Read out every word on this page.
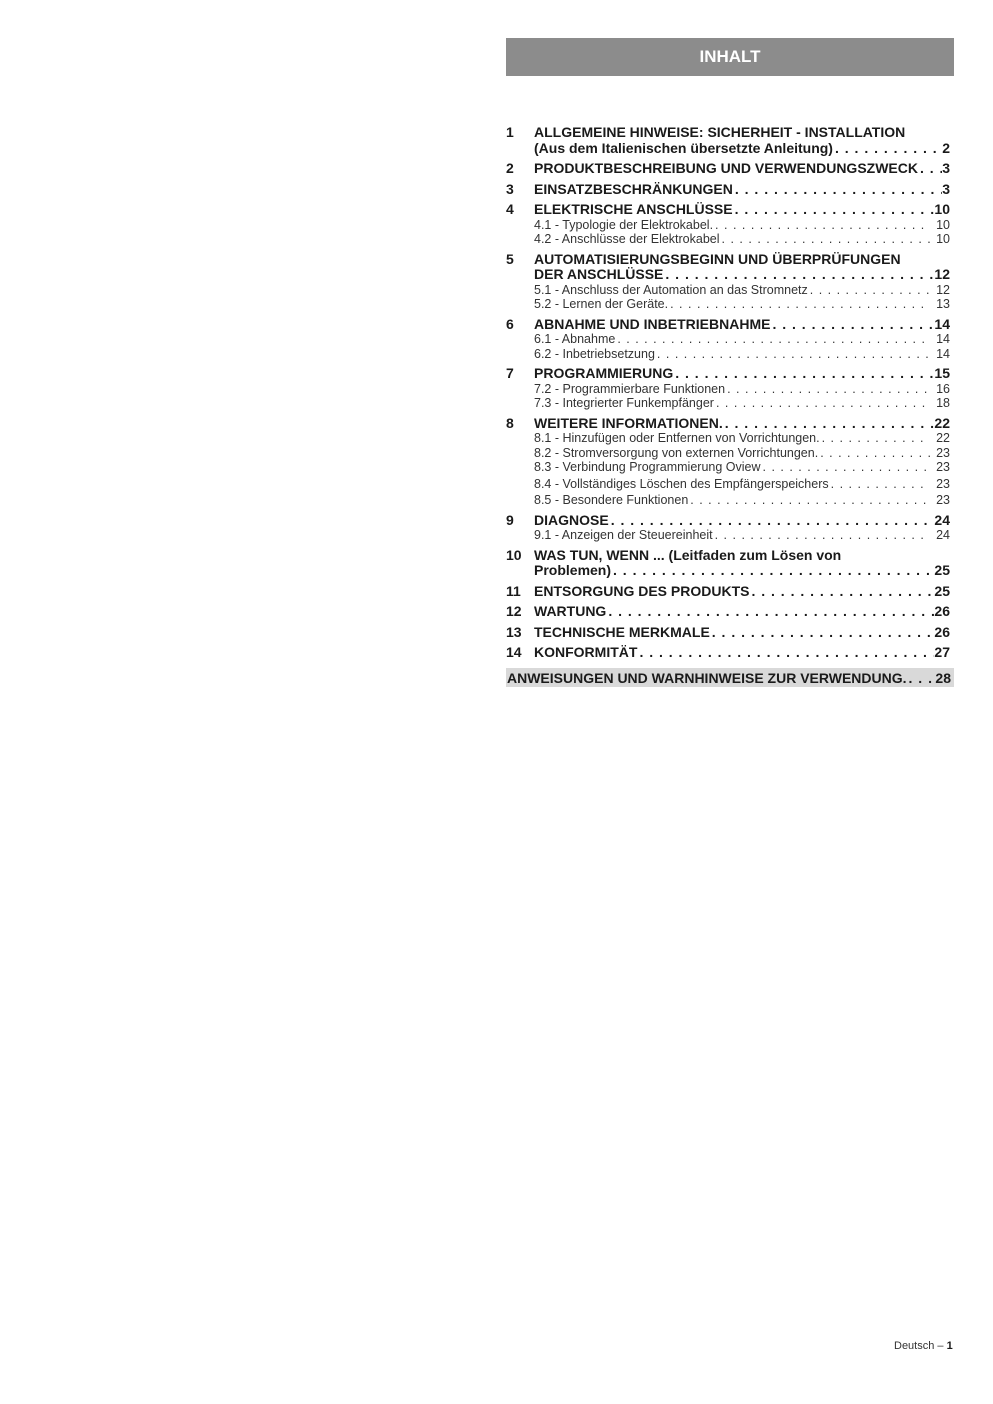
INHALT
1	ALLGEMEINE HINWEISE: SICHERHEIT - INSTALLATION
(Aus dem Italienischen übersetzte Anleitung) . . .	2
2	PRODUKTBESCHREIBUNG UND VERWENDUNGSZWECK . . . 3
3	EINSATZBESCHRÄNKUNGEN . . .	3
4	ELEKTRISCHE ANSCHLÜSSE . . .	10
4.1 - Typologie der Elektrokabel. . . .	10
4.2 - Anschlüsse der Elektrokabel . . .	10
5	AUTOMATISIERUNGSBEGINN UND ÜBERPRÜFUNGEN
DER ANSCHLÜSSE . . .	12
5.1 - Anschluss der Automation an das Stromnetz . . .	12
5.2 - Lernen der Geräte. . . .	13
6	ABNAHME UND INBETRIEBNAHME . . .	14
6.1 - Abnahme . . .	14
6.2 - Inbetriebsetzung . . .	14
7	PROGRAMMIERUNG . . .	15
7.2 - Programmierbare Funktionen . . .	16
7.3 - Integrierter Funkempfänger . . .	18
8	WEITERE INFORMATIONEN. . . .	22
8.1 - Hinzufügen oder Entfernen von Vorrichtungen. . . .	22
8.2 - Stromversorgung von externen Vorrichtungen. . . .	23
8.3 - Verbindung Programmierung Oview . . .	23
8.4 - Vollständiges Löschen des Empfängerspeichers . . .	23
8.5 - Besondere Funktionen . . .	23
9	DIAGNOSE . . .	24
9.1 - Anzeigen der Steuereinheit . . .	24
10 WAS TUN, WENN ... (Leitfaden zum Lösen von
Problemen) . . .	25
11 ENTSORGUNG DES PRODUKTS . . .	25
12 WARTUNG . . .	26
13 TECHNISCHE MERKMALE . . .	26
14 KONFORMITÄT . . .	27
ANWEISUNGEN UND WARNHINWEISE ZUR VERWENDUNG. . . . 28
Deutsch – 1
